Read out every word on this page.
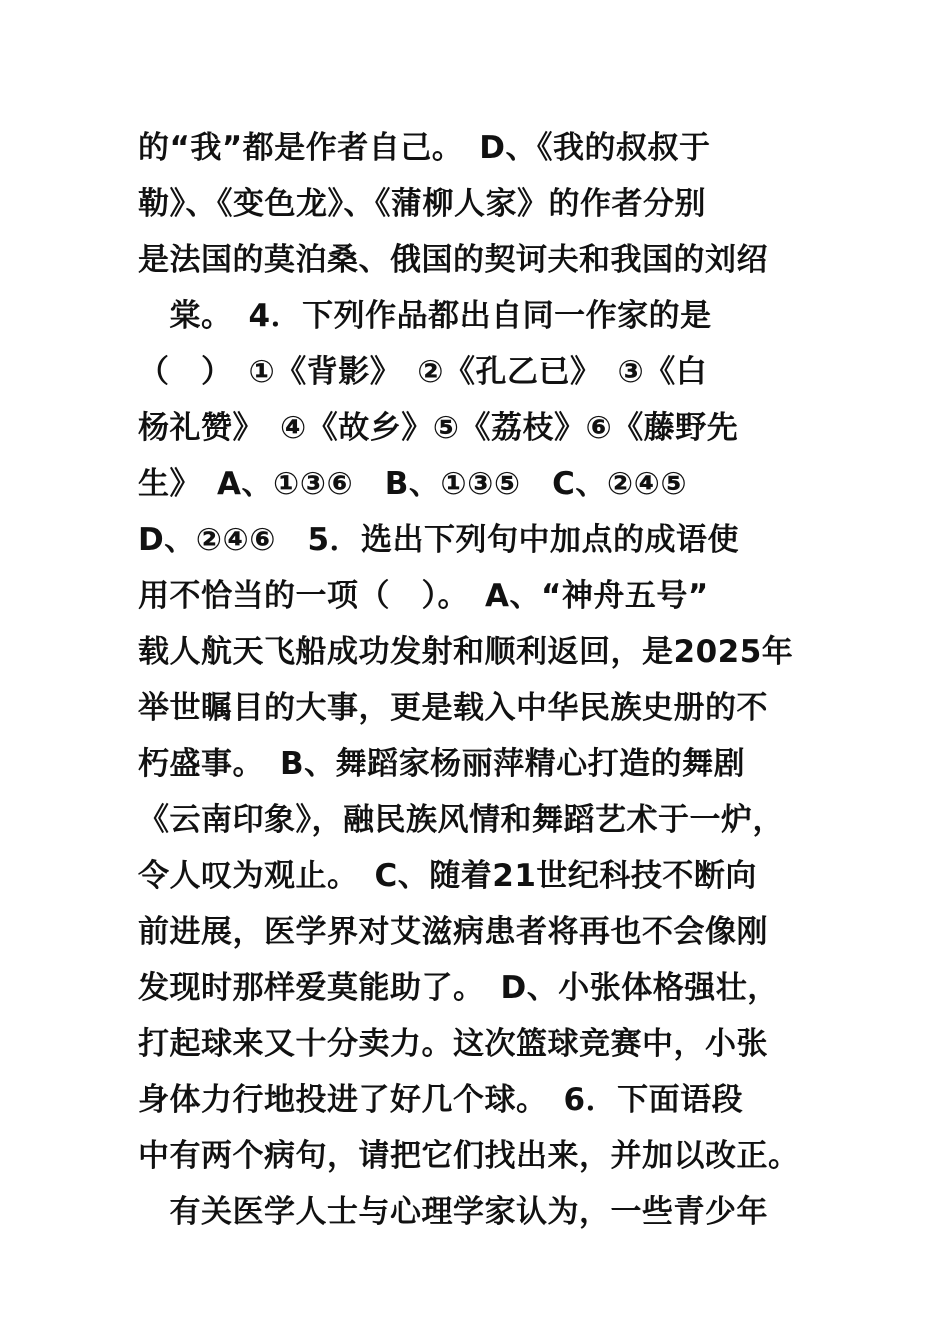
的“我”都是作者自己。　D、《我的叔叔于
勒》、《变色龙》、《蒲柳人家》的作者分别
是法国的莫泊桑、俄国的契诃夫和我国的刘绍
　棠。　4．下列作品都出自同一作家的是
（　）　①《背影》　②《孔乙已》　③《白
杨礼赞》　④《故乡》⑤《荔枝》⑥《藤野先
生》　A、①③⑥　B、①③⑤　C、②④⑤
D、②④⑥　5．选出下列句中加点的成语使
用不恰当的一项（　）。　A、“神舟五号”
载人航天飞船成功发射和顺利返回，是2025年
举世瞩目的大事，更是载入中华民族史册的不
朽盛事。　B、舞蹈家杨丽萍精心打造的舞剧
《云南印象》，融民族风情和舞蹈艺术于一炉，
令人叹为观止。　C、随着21世纪科技不断向
前进展，医学界对艾滋病患者将再也不会像刚
发现时那样爱莫能助了。　D、小张体格强壮，
打起球来又十分卖力。这次篮球竞赛中，小张
身体力行地投进了好几个球。　6．下面语段
中有两个病句，请把它们找出来，并加以改正。
　有关医学人士与心理学家认为，一些青少年
